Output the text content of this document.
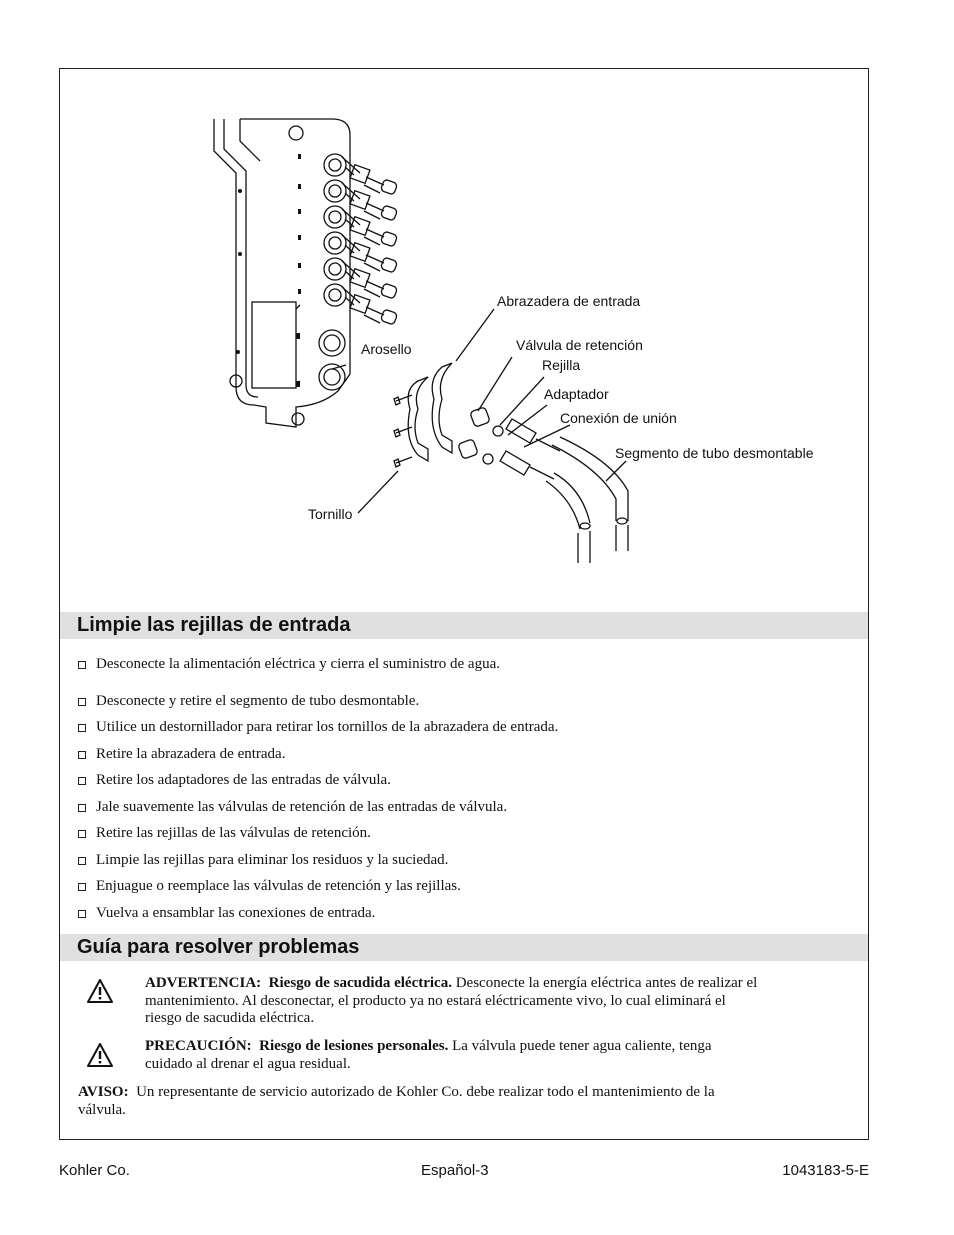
Abrazadera de entrada
Válvula de retención
Rejilla
Adaptador
Conexión de unión
Segmento de tubo desmontable
Arosello
Tornillo
Limpie las rejillas de entrada
Desconecte la alimentación eléctrica y cierra el suministro de agua.
Desconecte y retire el segmento de tubo desmontable.
Utilice un destornillador para retirar los tornillos de la abrazadera de entrada.
Retire la abrazadera de entrada.
Retire los adaptadores de las entradas de válvula.
Jale suavemente las válvulas de retención de las entradas de válvula.
Retire las rejillas de las válvulas de retención.
Limpie las rejillas para eliminar los residuos y la suciedad.
Enjuague o reemplace las válvulas de retención y las rejillas.
Vuelva a ensamblar las conexiones de entrada.
Guía para resolver problemas
ADVERTENCIA: Riesgo de sacudida eléctrica. Desconecte la energía eléctrica antes de realizar el
mantenimiento. Al desconectar, el producto ya no estará eléctricamente vivo, lo cual eliminará el
riesgo de sacudida eléctrica.
PRECAUCIÓN: Riesgo de lesiones personales. La válvula puede tener agua caliente, tenga
cuidado al drenar el agua residual.
AVISO: Un representante de servicio autorizado de Kohler Co. debe realizar todo el mantenimiento de la
válvula.
Kohler Co.	Español-3	1043183-5-E
